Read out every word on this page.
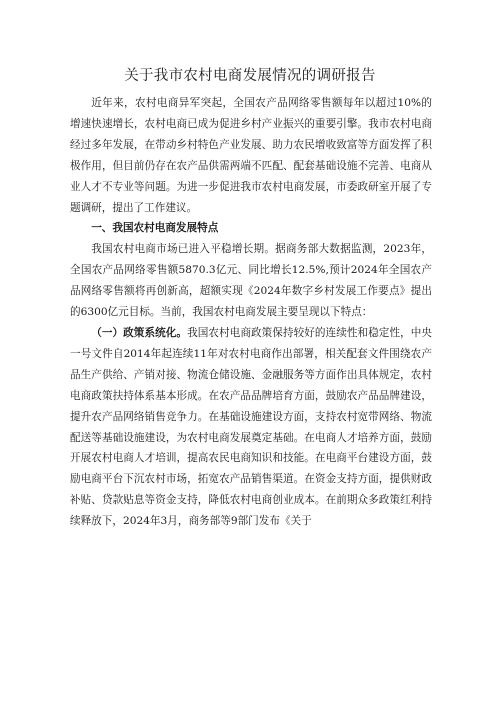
关于我市农村电商发展情况的调研报告

近年来，农村电商异军突起，全国农产品网络零售额每年以超过10%的增速快速增长，农村电商已成为促进乡村产业振兴的重要引擎。我市农村电商经过多年发展，在带动乡村特色产业发展、助力农民增收致富等方面发挥了积极作用，但目前仍存在农产品供需两端不匹配、配套基础设施不完善、电商从业人才不专业等问题。为进一步促进我市农村电商发展，市委政研室开展了专题调研，提出了工作建议。

一、我国农村电商发展特点

我国农村电商市场已进入平稳增长期。据商务部大数据监测，2023年，全国农产品网络零售额5870.3亿元、同比增长12.5%,预计2024年全国农产品网络零售额将再创新高，超额实现《2024年数字乡村发展工作要点》提出的6300亿元目标。当前，我国农村电商发展主要呈现以下特点：

（一）政策系统化。我国农村电商政策保持较好的连续性和稳定性，中央一号文件自2014年起连续11年对农村电商作出部署，相关配套文件围绕农产品生产供给、产销对接、物流仓储设施、金融服务等方面作出具体规定，农村电商政策扶持体系基本形成。在农产品品牌培育方面，鼓励农产品品牌建设，提升农产品网络销售竞争力。在基础设施建设方面，支持农村宽带网络、物流配送等基础设施建设，为农村电商发展奠定基础。在电商人才培养方面，鼓励开展农村电商人才培训，提高农民电商知识和技能。在电商平台建设方面，鼓励电商平台下沉农村市场，拓宽农产品销售渠道。在资金支持方面，提供财政补贴、贷款贴息等资金支持，降低农村电商创业成本。在前期众多政策红利持续释放下，2024年3月，商务部等9部门发布《关于
